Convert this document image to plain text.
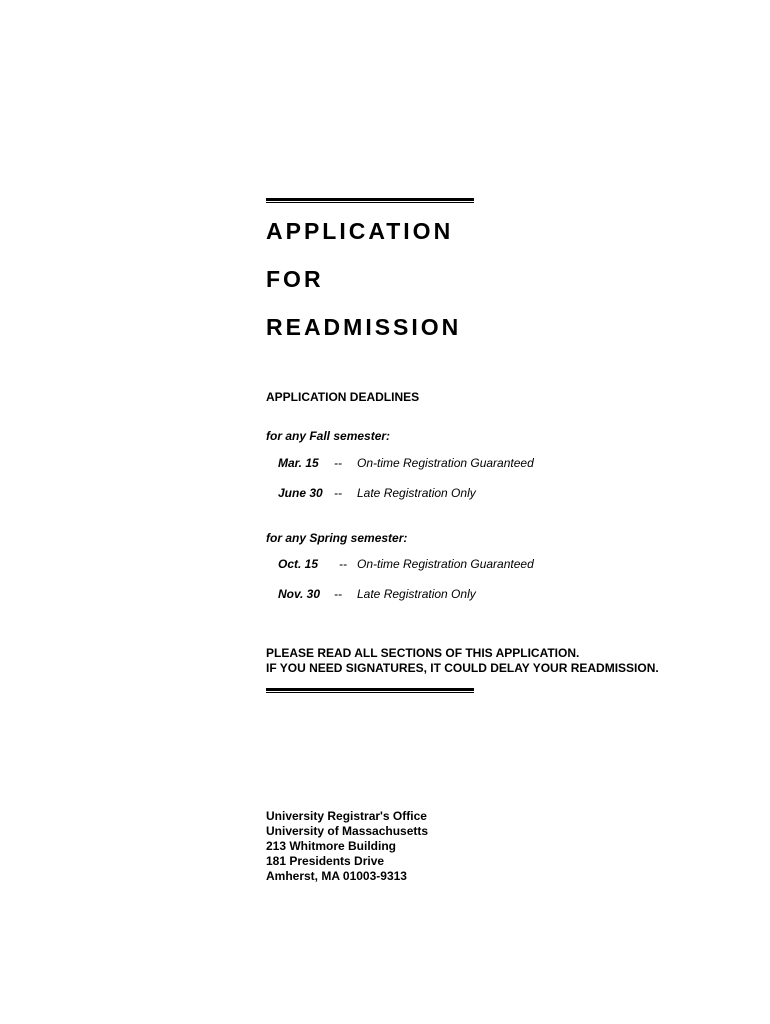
APPLICATION
FOR
READMISSION
APPLICATION DEADLINES
for any Fall semester:
Mar. 15 -- On-time Registration Guaranteed
June 30 -- Late Registration Only
for any Spring semester:
Oct. 15 -- On-time Registration Guaranteed
Nov. 30 -- Late Registration Only
PLEASE READ ALL SECTIONS OF THIS APPLICATION.
IF YOU NEED SIGNATURES, IT COULD DELAY YOUR READMISSION.
University Registrar's Office
University of Massachusetts
213 Whitmore Building
181 Presidents Drive
Amherst, MA 01003-9313
